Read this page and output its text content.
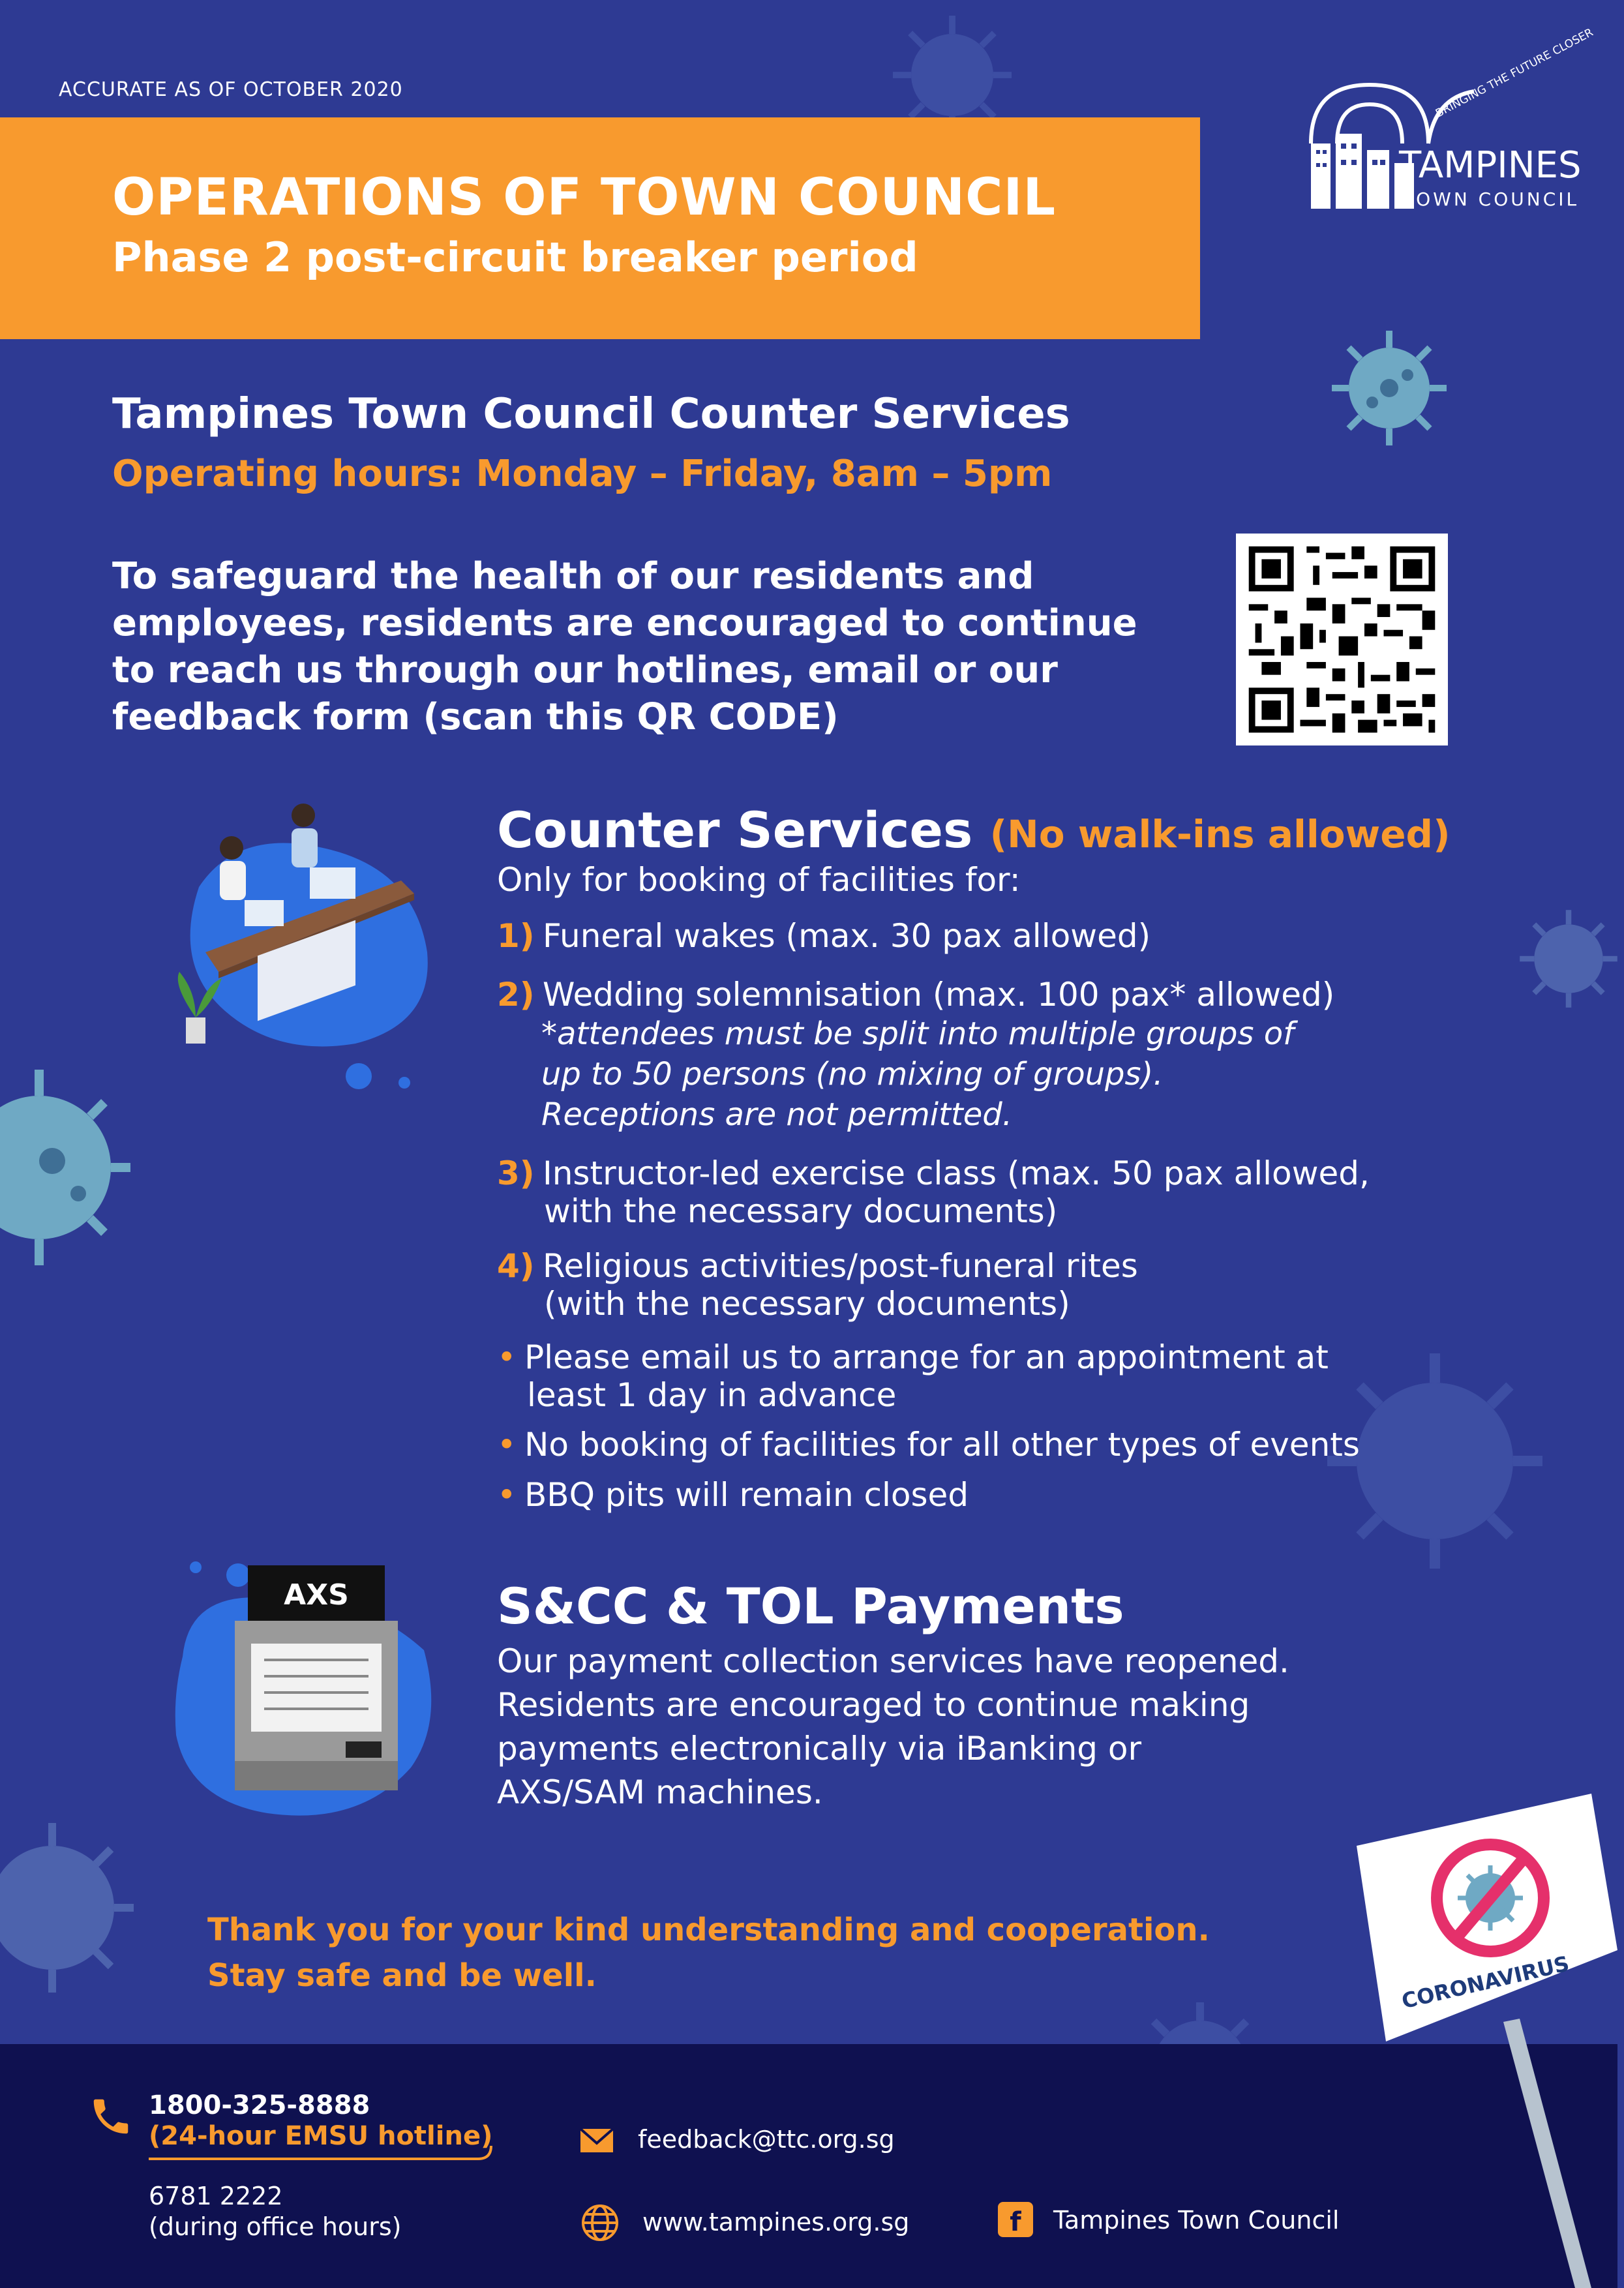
ACCURATE AS OF OCTOBER 2020
OPERATIONS OF TOWN COUNCIL
Phase 2 post-circuit breaker period
BRINGING THE FUTURE CLOSER
TAMPINES
TOWN COUNCIL
Tampines Town Council Counter Services
Operating hours: Monday – Friday, 8am – 5pm
To safeguard the health of our residents and
employees, residents are encouraged to continue
to reach us through our hotlines, email or our
feedback form (scan this QR CODE)
Counter Services (No walk-ins allowed)
Only for booking of facilities for:
1) Funeral wakes (max. 30 pax allowed)
2) Wedding solemnisation (max. 100 pax* allowed)
*attendees must be split into multiple groups of
up to 50 persons (no mixing of groups).
Receptions are not permitted.
3) Instructor-led exercise class (max. 50 pax allowed,
with the necessary documents)
4) Religious activities/post-funeral rites
(with the necessary documents)
• Please email us to arrange for an appointment at
least 1 day in advance
• No booking of facilities for all other types of events
• BBQ pits will remain closed
AXS	S&CC & TOL Payments
Our payment collection services have reopened.
Residents are encouraged to continue making
payments electronically via iBanking or
AXS/SAM machines.
Thank you for your kind understanding and cooperation.
Stay safe and be well.	CORONAVIRUS
1800-325-8888
(24-hour EMSU hotline)
6781 2222
(during office hours)
feedback@ttc.org.sg
www.tampines.org.sg	f Tampines Town Council
